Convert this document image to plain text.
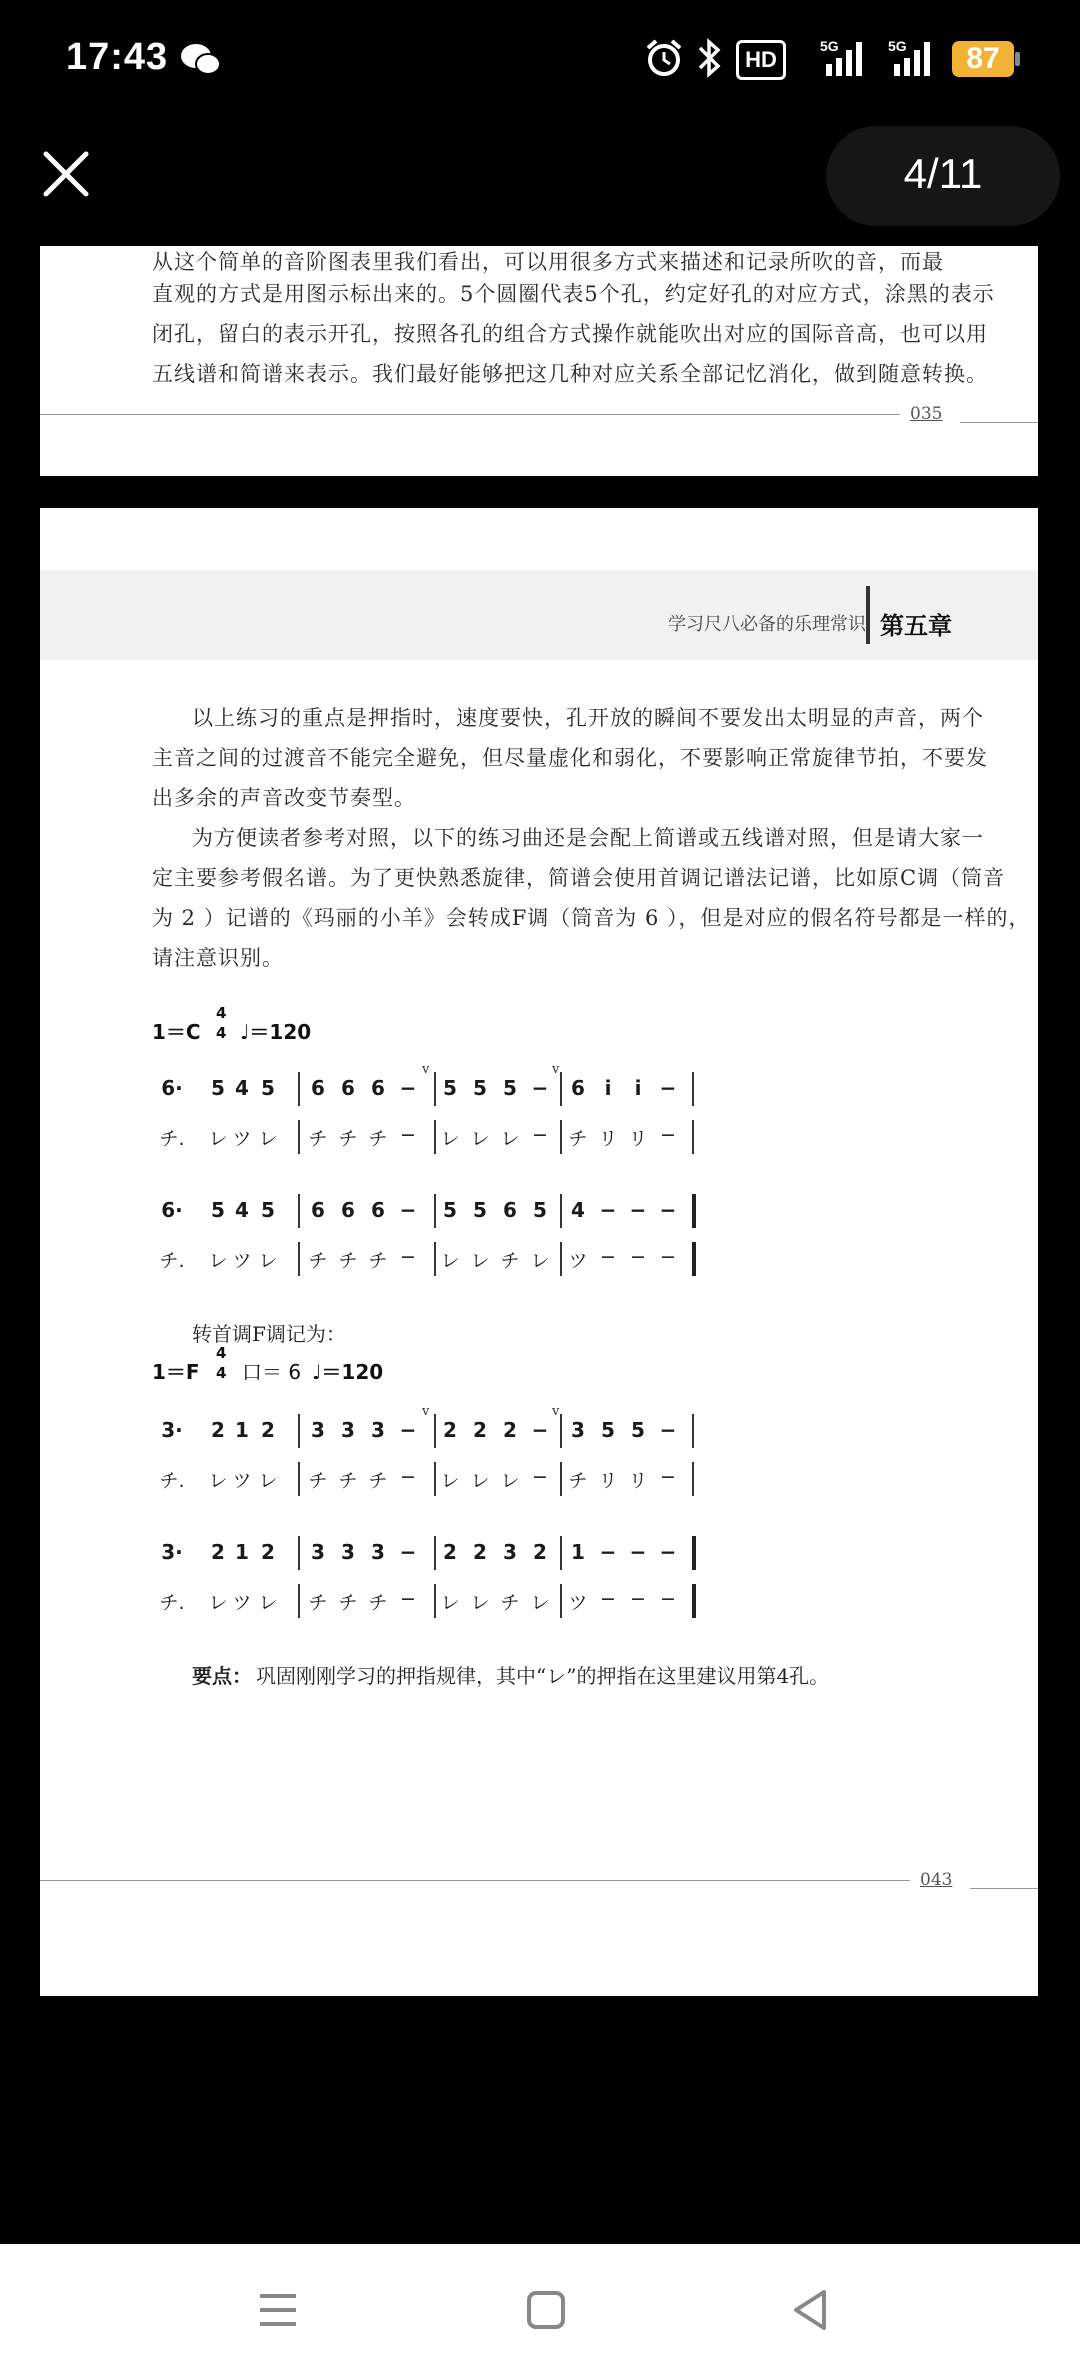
17:43	HD
5G	5G	87
4/11
从这个简单的音阶图表里我们看出，可以用很多方式来描述和记录所吹的音，而最
直观的方式是用图示标出来的。5个圆圈代表5个孔，约定好孔的对应方式，涂黑的表示
闭孔，留白的表示开孔，按照各孔的组合方式操作就能吹出对应的国际音高，也可以用
五线谱和简谱来表示。我们最好能够把这几种对应关系全部记忆消化，做到随意转换。
035
学习尺八必备的乐理常识 第五章
以上练习的重点是押指时，速度要快，孔开放的瞬间不要发出太明显的声音，两个
主音之间的过渡音不能完全避免，但尽量虚化和弱化，不要影响正常旋律节拍，不要发
出多余的声音改变节奏型。
为方便读者参考对照，以下的练习曲还是会配上简谱或五线谱对照，但是请大家一
定主要参考假名谱。为了更快熟悉旋律，简谱会使用首调记谱法记谱，比如原C调（筒音
为 2 ）记谱的《玛丽的小羊》会转成F调（筒音为 6 ），但是对应的假名符号都是一样的，
请注意识别。
1＝C
4
4 ♩＝120
转首调F调记为：
1＝F
4
4 口＝ 6 ♩＝120
要点： 巩固刚刚学习的押指规律，其中“レ”的押指在这里建议用第4孔。
043
6·	5 4 5	6 6 6 −	5 5 5 −	6 i	i −
v	v
チ.	レ ツ レ	チ チ チ −	レ レ レ −	チ リ リ −
6·	5 4 5	6 6 6 −	5 5 6 5	4 − − −
チ.	レ ツ レ	チ チ チ −	レ レ チ レ ツ − − −
3·	2 1 2	3 3 3 −	2 2 2 −	3 5 5 −
v	v
チ.	レ ツ レ	チ チ チ −	レ レ レ −	チ リ リ −
3·	2 1 2	3 3 3 −	2 2 3 2	1 − − −
チ.	レ ツ レ	チ チ チ −	レ レ チ レ ツ − − −
